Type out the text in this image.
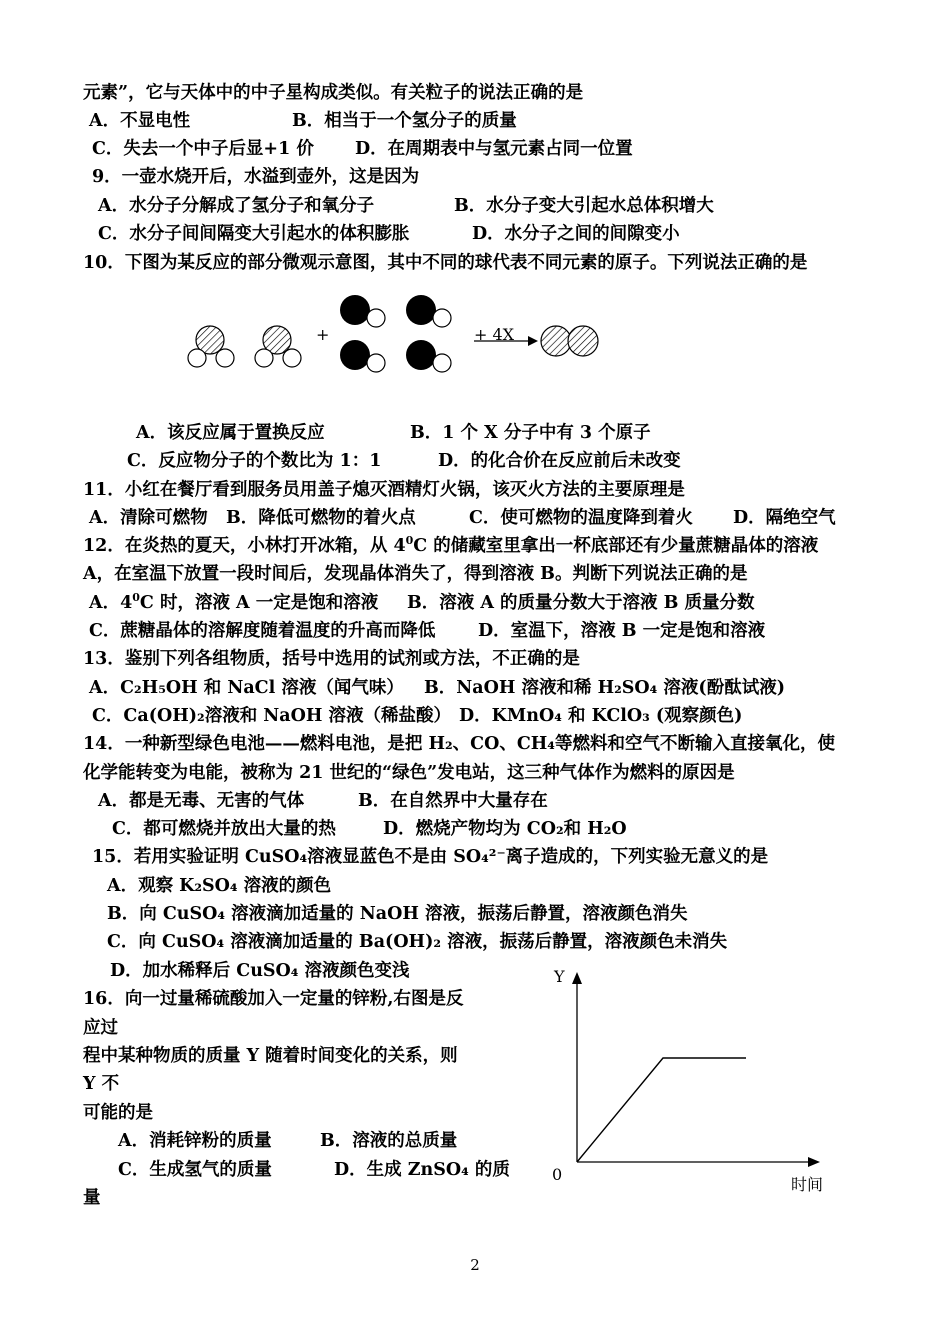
元素”，它与天体中的中子星构成类似。有关粒子的说法正确的是
A．不显电性	B．相当于一个氢分子的质量
C．失去一个中子后显+1 价 D．在周期表中与氢元素占同一位置
9．一壶水烧开后，水溢到壶外，这是因为
A．水分子分解成了氢分子和氧分子	B．水分子变大引起水总体积增大
C．水分子间间隔变大引起水的体积膨胀	D．水分子之间的间隙变小
10．下图为某反应的部分微观示意图，其中不同的球代表不同元素的原子。下列说法正确的是
+	+ 4X
A．该反应属于置换反应	B．1 个 X 分子中有 3 个原子
C．反应物分子的个数比为 1：1	D．的化合价在反应前后未改变
11．小红在餐厅看到服务员用盖子熄灭酒精灯火锅，该灭火方法的主要原理是
A．清除可燃物 B．降低可燃物的着火点	C．使可燃物的温度降到着火 D．隔绝空气
12．在炎热的夏天，小林打开冰箱，从 $4^0C$ 的储藏室里拿出一杯底部还有少量蔗糖晶体的溶液
A，在室温下放置一段时间后，发现晶体消失了，得到溶液 B。判断下列说法正确的是
A．$4^0C$ 时，溶液 A 一定是饱和溶液 B．溶液 A 的质量分数大于溶液 B 质量分数
C．蔗糖晶体的溶解度随着温度的升高而降低 D．室温下，溶液 B 一定是饱和溶液
13．鉴别下列各组物质，括号中选用的试剂或方法，不正确的是
A．C₂H₅OH 和 NaCl 溶液（闻气味） B．NaOH 溶液和稀 H₂SO₄ 溶液(酚酞试液)
C．Ca(OH)₂溶液和 NaOH 溶液（稀盐酸） D．KMnO₄ 和 KClO₃ (观察颜色)
14．一种新型绿色电池——燃料电池，是把 H₂、CO、CH₄等燃料和空气不断输入直接氧化，使
化学能转变为电能，被称为 21 世纪的“绿色”发电站，这三种气体作为燃料的原因是
A．都是无毒、无害的气体	B．在自然界中大量存在
C．都可燃烧并放出大量的热	D．燃烧产物均为 CO₂和 H₂O
15．若用实验证明 CuSO₄溶液显蓝色不是由 SO₄²⁻离子造成的，下列实验无意义的是
A．观察 K₂SO₄ 溶液的颜色
B．向 CuSO₄ 溶液滴加适量的 NaOH 溶液，振荡后静置，溶液颜色消失
C．向 CuSO₄ 溶液滴加适量的 Ba(OH)₂ 溶液，振荡后静置，溶液颜色未消失
D．加水稀释后 CuSO₄ 溶液颜色变浅
16．向一过量稀硫酸加入一定量的锌粉,右图是反
应过
程中某种物质的质量 Y 随着时间变化的关系，则
Y 不
可能的是
A．消耗锌粉的质量	B．溶液的总质量
C．生成氢气的质量	D．生成 ZnSO₄ 的质
量
Y
0
时间
2
